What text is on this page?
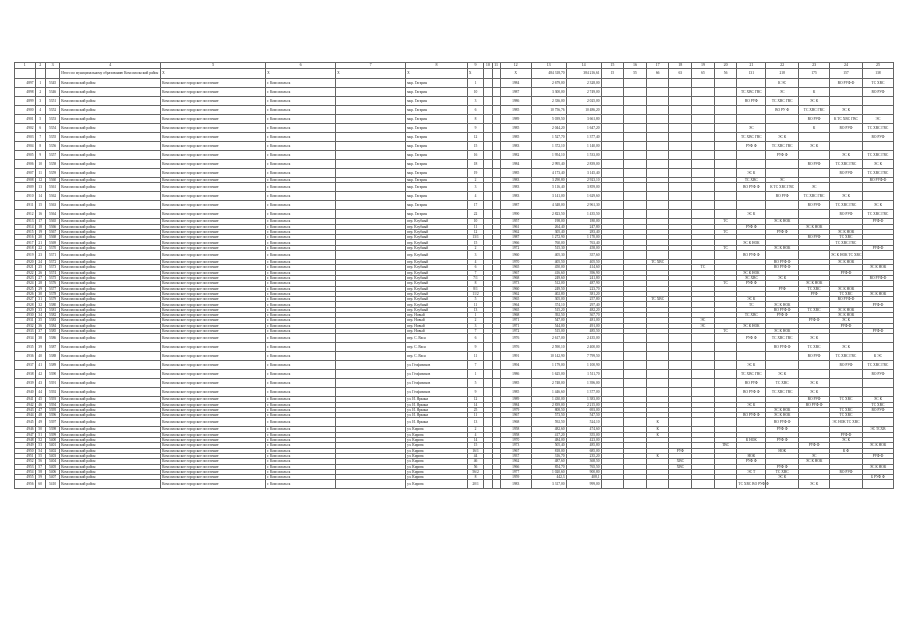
1	2	3	4	5	6	7	8	9	10	11	12	13	14	15	16	17	18	19	20	21	22	23	24	25
			Итого по муниципальному образованию Комсомольский район	Х	Х	Х	Х	Х			Х	484 318,70	384 216,61	15	55	66	63	65	56	131	218	175	157	138
4897	1	5345	Комсомольский район	Комсомольское городское поселение	г. Комсомольск		мкр. Гагарин	1			1984	2 679,00	2 328,00								К ЭС		ВО РУФ Ф	ТС ХВС
4898	2	5346	Комсомольский район	Комсомольское городское поселение	г. Комсомольск		мкр. Гагарин	10			1987	3 300,00	2 749,00							ТС ХВС ГВС	ЭС	К		ВО РУФ
4899	3	5351	Комсомольский район	Комсомольское городское поселение	г. Комсомольск		мкр. Гагарин	3			1986	2 336,00	2 025,00							ВО РУФ	ТС ХВС ГВС	ЭС К		
4900	4	5352	Комсомольский район	Комсомольское городское поселение	г. Комсомольск		мкр. Гагарин	6			1985	10 756,76	10 486,20								ВО РУ Ф	ТС ХВС ГВС	ЭС К	
4901	5	5353	Комсомольский район	Комсомольское городское поселение	г. Комсомольск		мкр. Гагарин	8			1989	5 039,50	3 661,80									ВО РУФ	К ТС ХВС ГВС	ЭС
4902	6	5354	Комсомольский район	Комсомольское городское поселение	г. Комсомольск		мкр. Гагарин	9			1985	2 044,20	1 647,20							ЭС		К	ВО РУФ	ТС ХВС ГВС
4903	7	5355	Комсомольский район	Комсомольское городское поселение	г. Комсомольск		мкр. Гагарин	12			1985	1 527,70	1 377,40							ТС ХВС ГВС	ЭС К			ВО РУФ
4904	8	5356	Комсомольский район	Комсомольское городское поселение	г. Комсомольск		мкр. Гагарин	15			1983	1 372,10	1 140,00							РУФ Ф	ТС ХВС ГВС	ЭС К		
4905	9	5357	Комсомольский район	Комсомольское городское поселение	г. Комсомольск		мкр. Гагарин	16			1982	1 954,10	1 533,00								РУФ Ф		ЭС К	ТС ХВС ГВС
4906	10	5358	Комсомольский район	Комсомольское городское поселение	г. Комсомольск		мкр. Гагарин	18			1984	2 995,40	2 839,00									ВО РУФ	ТС ХВС ГВС	ЭС К
4907	11	5359	Комсомольский район	Комсомольское городское поселение	г. Комсомольск		мкр. Гагарин	19			1985	4 173,40	3 145,40							ЭС К			ВО РУФ	ТС ХВС ГВС
4908	12	5360	Комсомольский район	Комсомольское городское поселение	г. Комсомольск		мкр. Гагарин	2			1983	3 290,80	2 923,10							ТС ХВС	ЭС			ВО РУФ Ф
4909	13	5361	Комсомольский район	Комсомольское городское поселение	г. Комсомольск		мкр. Гагарин	3			1983	5 116,40	3 859,00							ВО РУФ Ф	К ТС ХВС ГВС	ЭС		
4910	14	5362	Комсомольский район	Комсомольское городское поселение	г. Комсомольск		мкр. Гагарин	4			1983	3 141,00	1 629,60								ВО РУФ	ТС ХВС ГВС	ЭС К	
4911	15	5363	Комсомольский район	Комсомольское городское поселение	г. Комсомольск		мкр. Гагарин	17			1987	4 348,00	2 961,30									ВО РУФ	ТС ХВС ГВС	ЭС К
4912	16	5364	Комсомольский район	Комсомольское городское поселение	г. Комсомольск		мкр. Гагарин	22			1990	2 823,50	1 435,50							ЭС К			ВО РУФ	ТС ХВС ГВС
4913	17	5365	Комсомольский район	Комсомольское городское поселение	г. Комсомольск		пер. Клубный	10			1957	198,00	180,00						ТС		ЭС К НОК			РУФ Ф
4914	18	5366	Комсомольский район	Комсомольское городское поселение	г. Комсомольск		пер. Клубный	11			1961	264,40	247,80							РУФ Ф		ЭС К НОК		
4915	19	5367	Комсомольский район	Комсомольское городское поселение	г. Комсомольск		пер. Клубный	12			1962	305,40	283,40						ТС		РУФ Ф		ЭС К НОК	
4916	20	5368	Комсомольский район	Комсомольское городское поселение	г. Комсомольск		пер. Клубный	13/1			1987	1 272,90	1 170,00									ВО РУФ	ТС ХВС	
4917	21	5369	Комсомольский район	Комсомольское городское поселение	г. Комсомольск		пер. Клубный	15			1966	760,00	763,40							ЭС К НОК			ТС ХВС ГВС	
4918	22	5370	Комсомольский район	Комсомольское городское поселение	г. Комсомольск		пер. Клубный	2			1972	515,30	458,00						ТС		ЭС К НОК			РУФ Ф
4919	23	5371	Комсомольский район	Комсомольское городское поселение	г. Комсомольск		пер. Клубный	3			1960	405,30	357,60							ВО РУФ Ф			ЭС К НОК ТС ХВС	
4920	24	5372	Комсомольский район	Комсомольское городское поселение	г. Комсомольск		пер. Клубный	4			1970	405,50	405,50			ТС ХВС					ВО РУФ Ф		ЭС К НОК	
4921	25	5373	Комсомольский район	Комсомольское городское поселение	г. Комсомольск		пер. Клубный	6			1965	450,00	414,60					ТС			ВО РУФ Ф			ЭС К НОК
4922	26	5374	Комсомольский район	Комсомольское городское поселение	г. Комсомольск		пер. Клубный	7			1967	416,60	396,90							ЭС К НОК			РУФ Ф	
4923	27	5375	Комсомольский район	Комсомольское городское поселение	г. Комсомольск		пер. Клубный	7/1			1968	249,60	241,80							ЭС ХВС	ЭС К			ВО РУФ Ф
4924	28	5376	Комсомольский район	Комсомольское городское поселение	г. Комсомольск		пер. Клубный	8			1973	512,00	487,90						ТС	РУФ Ф		ЭС К НОК		
4925	29	5377	Комсомольский район	Комсомольское городское поселение	г. Комсомольск		пер. Клубный	8/1			1960	249,50	223,70								РУФ	ТС ХВС	ЭС К НОК	
4926	30	5378	Комсомольский район	Комсомольское городское поселение	г. Комсомольск		пер. Клубный	11/2			1962	402,80	381,20									РУФ	ТС ХВС	ЭС К НОК
4927	31	5379	Комсомольский район	Комсомольское городское поселение	г. Комсомольск		пер. Клубный	5			1965	305,00	257,80			ТС ХВС				ЭС К			ВО РУФ Ф	
4928	32	5380	Комсомольский район	Комсомольское городское поселение	г. Комсомольск		пер. Клубный	11			1964	374,10	297,40							ТС	ЭС К НОК			РУФ Ф
4929	33	5381	Комсомольский район	Комсомольское городское поселение	г. Комсомольск		пер. Клубный	13			1965	515,20	482,20								ВО РУФ Ф	ТС ХВС	ЭС К НОК	
4930	34	5382	Комсомольский район	Комсомольское городское поселение	г. Комсомольск		пер. Новый	1			1968	392,50	367,70							ТС ХВС	РУФ Ф		ЭС К НОК	
4931	35	5383	Комсомольский район	Комсомольское городское поселение	г. Комсомольск		пер. Новый	2			1971	547,00	481,00					ЭС				РУФ Ф	ЭС К	
4932	36	5384	Комсомольский район	Комсомольское городское поселение	г. Комсомольск		пер. Новый	3			1971	544,00	491,00					ЭС		ЭС К НОК			РУФ Ф	
4933	37	5385	Комсомольский район	Комсомольское городское поселение	г. Комсомольск		пер. Новый	7			1972	515,00	485,50						ТС		ЭС К НОК			РУФ Ф
4934	38	5386	Комсомольский район	Комсомольское городское поселение	г. Комсомольск		пер. С. Вася	6			1976	2 617,00	2 435,00							РУФ Ф	ТС ХВС ГВС	ЭС К		
4935	39	5387	Комсомольский район	Комсомольское городское поселение	г. Комсомольск		пер. С. Вася	9			1976	2 590,10	2 400,00								ВО РУФ Ф	ТС ХВС	ЭС К	
4936	40	5388	Комсомольский район	Комсомольское городское поселение	г. Комсомольск		пер. С. Вася	11			1991	10 142,90	7 799,50									ВО РУФ	ТС ХВС ГВС	К ЭС
4937	41	5389	Комсомольский район	Комсомольское городское поселение	г. Комсомольск		ул. Геофизиков	7			1994	1 179,00	1 100,90							ЭС К			ВО РУФ	ТС ХВС ГВС
4938	42	5390	Комсомольский район	Комсомольское городское поселение	г. Комсомольск		ул. Геофизиков	1			1986	1 625,00	1 511,70							ТС ХВС ГВС	ЭС К			ВО РУФ
4939	43	5391	Комсомольский район	Комсомольское городское поселение	г. Комсомольск		ул. Геофизиков	5			1985	2 748,00	1 396,00							ВО РУФ	ТС ХВС	ЭС К		
4940	44	5392	Комсомольский район	Комсомольское городское поселение	г. Комсомольск		ул. Геофизиков	9			1985	1 446,60	1 377,00							ВО РУФ Ф	ТС ХВС ГВС	ЭС К		
4941	45	5393	Комсомольский район	Комсомольское городское поселение	г. Комсомольск		ул. И. Яркина	12			1989	1 430,00	1 383,00									ВО РУФ	ТС ХВС	ЭС К
4942	46	5394	Комсомольский район	Комсомольское городское поселение	г. Комсомольск		ул. И. Яркина	14			1984	2 839,00	2 215,00							ЭС К		ВО РУФ Ф		ТС ХВС
4943	47	5395	Комсомольский район	Комсомольское городское поселение	г. Комсомольск		ул. И. Яркина	25			1979	808,50	693,00								ЭС К НОК		ТС ХВС	ВО РУФ
4944	48	5396	Комсомольский район	Комсомольское городское поселение	г. Комсомольск		ул. И. Яркина	11			1967	573,50	547,50							ВО РУФ Ф	ЭС К НОК		ТС ХВС	
4945	49	5397	Комсомольский район	Комсомольское городское поселение	г. Комсомольск		ул. И. Яркина	13			1968	592,50	524,10			К					ВО РУФ Ф		ЭС НОК ТС ХВС	
4946	50	5398	Комсомольский район	Комсомольское городское поселение	г. Комсомольск		ул. Кирова	2			1958	482,60	474,60			К					РУФ Ф			ЭС ТСХВ
4947	51	5399	Комсомольский район	Комсомольское городское поселение	г. Комсомольск		ул. Кирова	4			1958	417,20	355,00			К							РУФ Ф	
4948	52	5400	Комсомольский район	Комсомольское городское поселение	г. Комсомольск		ул. Кирова	14			1970	484,00	423,00							К НОК	РУФ Ф		ЭС К	
4949	53	5401	Комсомольский район	Комсомольское городское поселение	г. Комсомольск		ул. Кирова	15			1973	505,40	485,80						ТВС			РУФ Ф		ЭС К НОК
4950	54	5402	Комсомольский район	Комсомольское городское поселение	г. Комсомольск		ул. Кирова	16/1			1967	818,00	685,00				РУФ				НОК		К Ф	
4951	55	5403	Комсомольский район	Комсомольское городское поселение	г. Комсомольск		ул. Кирова	44			1937	316,70	235,20			К				НОК		ЭС		РУФ Ф
4952	56	5404	Комсомольский район	Комсомольское городское поселение	г. Комсомольск		ул. Кирова	46			1962	487,60	368,50				ХВС			РУФ Ф		ЭС К НОК		
4953	57	5405	Комсомольский район	Комсомольское городское поселение	г. Комсомольск		ул. Кирова	56			1966	854,70	765,50				ХВС				РУФ Ф			ЭС К НОК
4954	58	5406	Комсомольский район	Комсомольское городское поселение	г. Комсомольск		ул. Кирова	56/2			1977	1 020,60	900,80							ЭС Т	ТС ХВС		ВО РУФ	
4955	59	5407	Комсомольский район	Комсомольское городское поселение	г. Комсомольск		ул. Кирова	8			1959	442,3	408,1								ЭС К			Б РУФ Ф
4956	60	5410	Комсомольский район	Комсомольское городское поселение	г. Комсомольск		ул. Кирова	20/1			1983	3 317,00	999,00							ТС ХВС ВО РУФ Ф		ЭС К		
